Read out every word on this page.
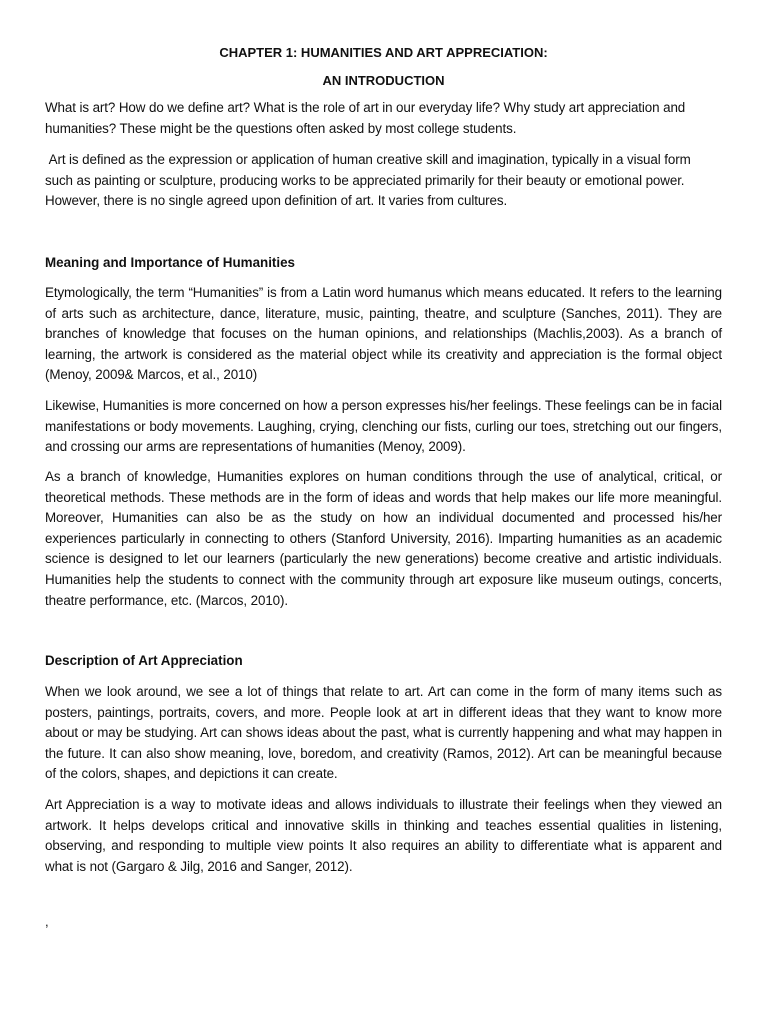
CHAPTER 1: HUMANITIES AND ART APPRECIATION:

AN INTRODUCTION

What is art? How do we define art? What is the role of art in our everyday life? Why study art appreciation and humanities? These might be the questions often asked by most college students.

Art is defined as the expression or application of human creative skill and imagination, typically in a visual form such as painting or sculpture, producing works to be appreciated primarily for their beauty or emotional power. However, there is no single agreed upon definition of art. It varies from cultures.

Meaning and Importance of Humanities

Etymologically, the term “Humanities” is from a Latin word humanus which means educated. It refers to the learning of arts such as architecture, dance, literature, music, painting, theatre, and sculpture (Sanches, 2011). They are branches of knowledge that focuses on the human opinions, and relationships (Machlis,2003). As a branch of learning, the artwork is considered as the material object while its creativity and appreciation is the formal object (Menoy, 2009& Marcos, et al., 2010)

Likewise, Humanities is more concerned on how a person expresses his/her feelings. These feelings can be in facial manifestations or body movements. Laughing, crying, clenching our fists, curling our toes, stretching out our fingers, and crossing our arms are representations of humanities (Menoy, 2009).

As a branch of knowledge, Humanities explores on human conditions through the use of analytical, critical, or theoretical methods. These methods are in the form of ideas and words that help makes our life more meaningful. Moreover, Humanities can also be as the study on how an individual documented and processed his/her experiences particularly in connecting to others (Stanford University, 2016). Imparting humanities as an academic science is designed to let our learners (particularly the new generations) become creative and artistic individuals. Humanities help the students to connect with the community through art exposure like museum outings, concerts, theatre performance, etc. (Marcos, 2010).

Description of Art Appreciation

When we look around, we see a lot of things that relate to art. Art can come in the form of many items such as posters, paintings, portraits, covers, and more. People look at art in different ideas that they want to know more about or may be studying. Art can shows ideas about the past, what is currently happening and what may happen in the future. It can also show meaning, love, boredom, and creativity (Ramos, 2012). Art can be meaningful because of the colors, shapes, and depictions it can create.

Art Appreciation is a way to motivate ideas and allows individuals to illustrate their feelings when they viewed an artwork. It helps develops critical and innovative skills in thinking and teaches essential qualities in listening, observing, and responding to multiple view points It also requires an ability to differentiate what is apparent and what is not (Gargaro & Jilg, 2016 and Sanger, 2012).

,
